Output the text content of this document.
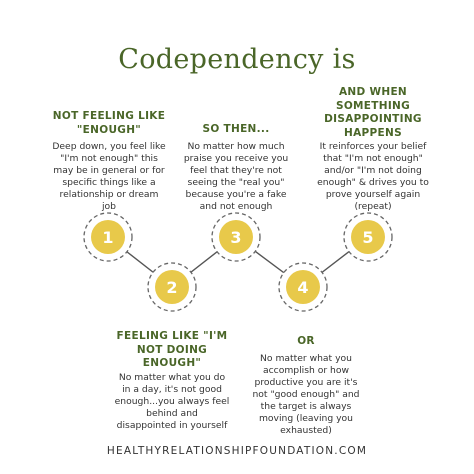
Codependency is
NOT FEELING LIKE
"ENOUGH"
Deep down, you feel like
"I'm not enough" this
may be in general or for
specific things like a
relationship or dream
job
SO THEN...
No matter how much
praise you receive you
feel that they're not
seeing the "real you"
because you're a fake
and not enough
AND WHEN
SOMETHING
DISAPPOINTING
HAPPENS
It reinforces your belief
that "I'm not enough"
and/or "I'm not doing
enough" & drives you to
prove yourself again
(repeat)
FEELING LIKE "I'M
NOT DOING
ENOUGH"
No matter what you do
in a day, it's not good
enough...you always feel
behind and
disappointed in yourself
OR
No matter what you
accomplish or how
productive you are it's
not "good enough" and
the target is always
moving (leaving you
exhausted)
1
2
3
4
5
HEALTHYRELATIONSHIPFOUNDATION.COM
